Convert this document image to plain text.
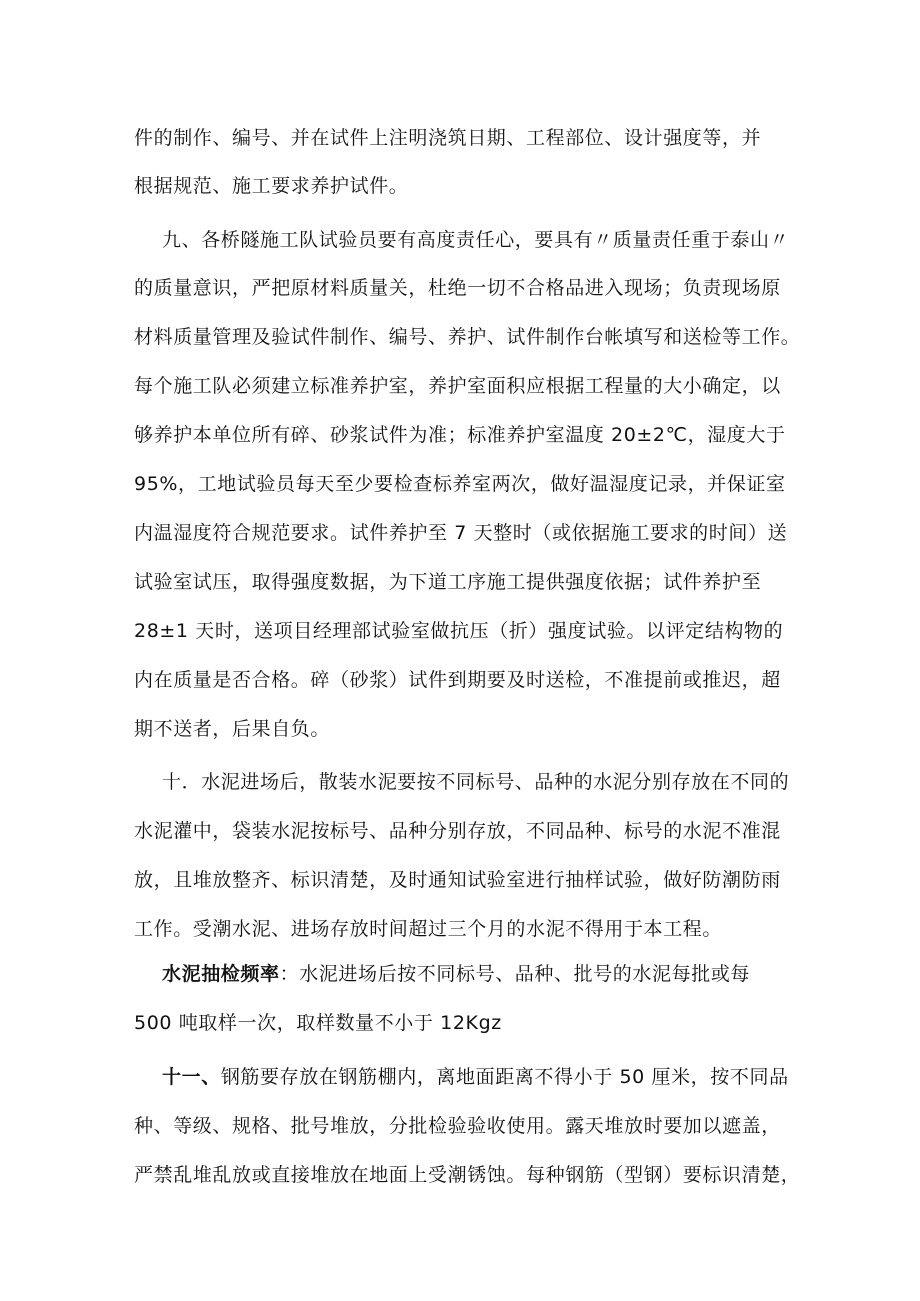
件的制作、编号、并在试件上注明浇筑日期、工程部位、设计强度等，并
根据规范、施工要求养护试件。
九、各桥隧施工队试验员要有高度责任心，要具有〃质量责任重于泰山〃
的质量意识，严把原材料质量关，杜绝一切不合格品进入现场；负责现场原
材料质量管理及验试件制作、编号、养护、试件制作台帐填写和送检等工作。
每个施工队必须建立标准养护室，养护室面积应根据工程量的大小确定，以
够养护本单位所有碎、砂浆试件为准；标准养护室温度 20±2℃，湿度大于
95%，工地试验员每天至少要检查标养室两次，做好温湿度记录，并保证室
内温湿度符合规范要求。试件养护至 7 天整时（或依据施工要求的时间）送
试验室试压，取得强度数据，为下道工序施工提供强度依据；试件养护至
28±1 天时，送项目经理部试验室做抗压（折）强度试验。以评定结构物的
内在质量是否合格。碎（砂浆）试件到期要及时送检，不准提前或推迟，超
期不送者，后果自负。
十．水泥进场后，散装水泥要按不同标号、品种的水泥分别存放在不同的
水泥灌中，袋装水泥按标号、品种分别存放，不同品种、标号的水泥不准混
放，且堆放整齐、标识清楚，及时通知试验室进行抽样试验，做好防潮防雨
工作。受潮水泥、进场存放时间超过三个月的水泥不得用于本工程。
水泥抽检频率：水泥进场后按不同标号、品种、批号的水泥每批或每
500 吨取样一次，取样数量不小于 12Kgz
十一、钢筋要存放在钢筋棚内，离地面距离不得小于 50 厘米，按不同品
种、等级、规格、批号堆放，分批检验验收使用。露天堆放时要加以遮盖，
严禁乱堆乱放或直接堆放在地面上受潮锈蚀。每种钢筋（型钢）要标识清楚，
